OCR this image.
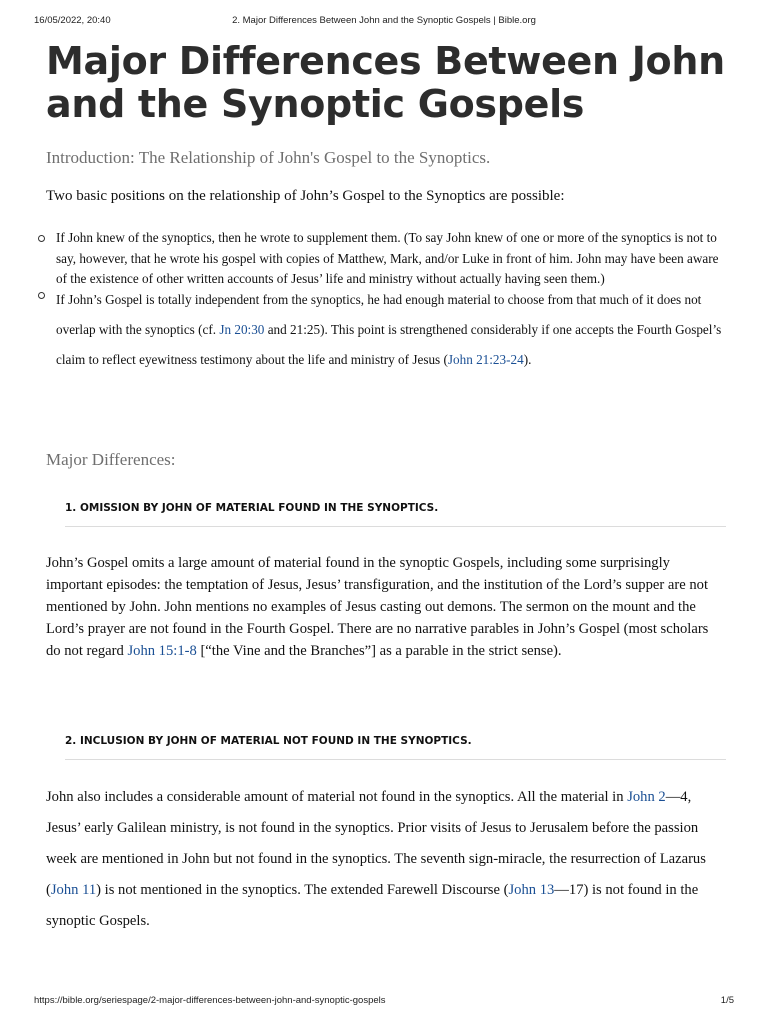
16/05/2022, 20:40	2. Major Differences Between John and the Synoptic Gospels | Bible.org
Major Differences Between John and the Synoptic Gospels
Introduction: The Relationship of John's Gospel to the Synoptics.

Two basic positions on the relationship of John’s Gospel to the Synoptics are possible:

If John knew of the synoptics, then he wrote to supplement them. (To say John knew of one or more of the synoptics is not to say, however, that he wrote his gospel with copies of Matthew, Mark, and/or Luke in front of him. John may have been aware of the existence of other written accounts of Jesus’ life and ministry without actually having seen them.)
If John’s Gospel is totally independent from the synoptics, he had enough material to choose from that much of it does not overlap with the synoptics (cf. Jn 20:30 and 21:25). This point is strengthened considerably if one accepts the Fourth Gospel’s claim to reflect eyewitness testimony about the life and ministry of Jesus (John 21:23-24).
Major Differences:
1. OMISSION BY JOHN OF MATERIAL FOUND IN THE SYNOPTICS.

John’s Gospel omits a large amount of material found in the synoptic Gospels, including some surprisingly important episodes: the temptation of Jesus, Jesus’ transfiguration, and the institution of the Lord’s supper are not mentioned by John. John mentions no examples of Jesus casting out demons. The sermon on the mount and the Lord’s prayer are not found in the Fourth Gospel. There are no narrative parables in John’s Gospel (most scholars do not regard John 15:1-8 [“the Vine and the Branches”] as a parable in the strict sense).

2. INCLUSION BY JOHN OF MATERIAL NOT FOUND IN THE SYNOPTICS.

John also includes a considerable amount of material not found in the synoptics. All the material in John 2—4, Jesus’ early Galilean ministry, is not found in the synoptics. Prior visits of Jesus to Jerusalem before the passion week are mentioned in John but not found in the synoptics. The seventh sign-miracle, the resurrection of Lazarus (John 11) is not mentioned in the synoptics. The extended Farewell Discourse (John 13—17) is not found in the synoptic Gospels.

https://bible.org/seriespage/2-major-differences-between-john-and-synoptic-gospels	1/5
